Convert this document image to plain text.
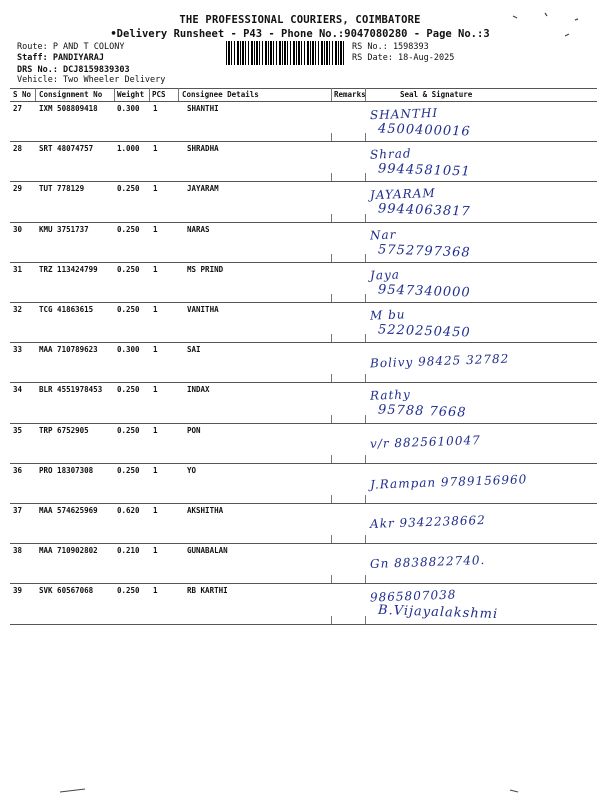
THE PROFESSIONAL COURIERS, COIMBATORE
•Delivery Runsheet - P43 - Phone No.:9047080280 - Page No.:3
Route: P AND T COLONY
Staff: PANDIYARAJ
DRS No.: DCJ8159839303
Vehicle: Two Wheeler Delivery
RS No.: 1598393
RS Date: 18-Aug-2025
S No Consignment No Weight PCS Consignee Details	Remarks	Seal & Signature
27 IXM 508809418	0.300 1	SHANTHI	SHANTHI
4500400016
28 SRT 48074757	1.000 1	SHRADHA	Shrad
9944581051
29 TUT 778129	0.250 1	JAYARAM	JAYARAM
9944063817
30 KMU 3751737	0.250 1	NARAS	Nar
5752797368
31 TRZ 113424799	0.250 1	MS PRIND	Jaya
9547340000
32 TCG 41863615	0.250 1	VANITHA	M bu
5220250450
33 MAA 710789623	0.300 1	SAI
Bolivy 98425 32782
34 BLR 4551978453 0.250 1	INDAX	Rathy
95788 7668
35 TRP 6752905	0.250 1	PON
v/r 8825610047
36 PRO 18307308	0.250 1	YO
J.Rampan 9789156960
37 MAA 574625969	0.620 1	AKSHITHA
Akr 9342238662
38 MAA 710902802	0.210 1	GUNABALAN
Gn 8838822740.
39 SVK 60567068	0.250 1	RB KARTHI	9865807038
B.Vijayalakshmi
